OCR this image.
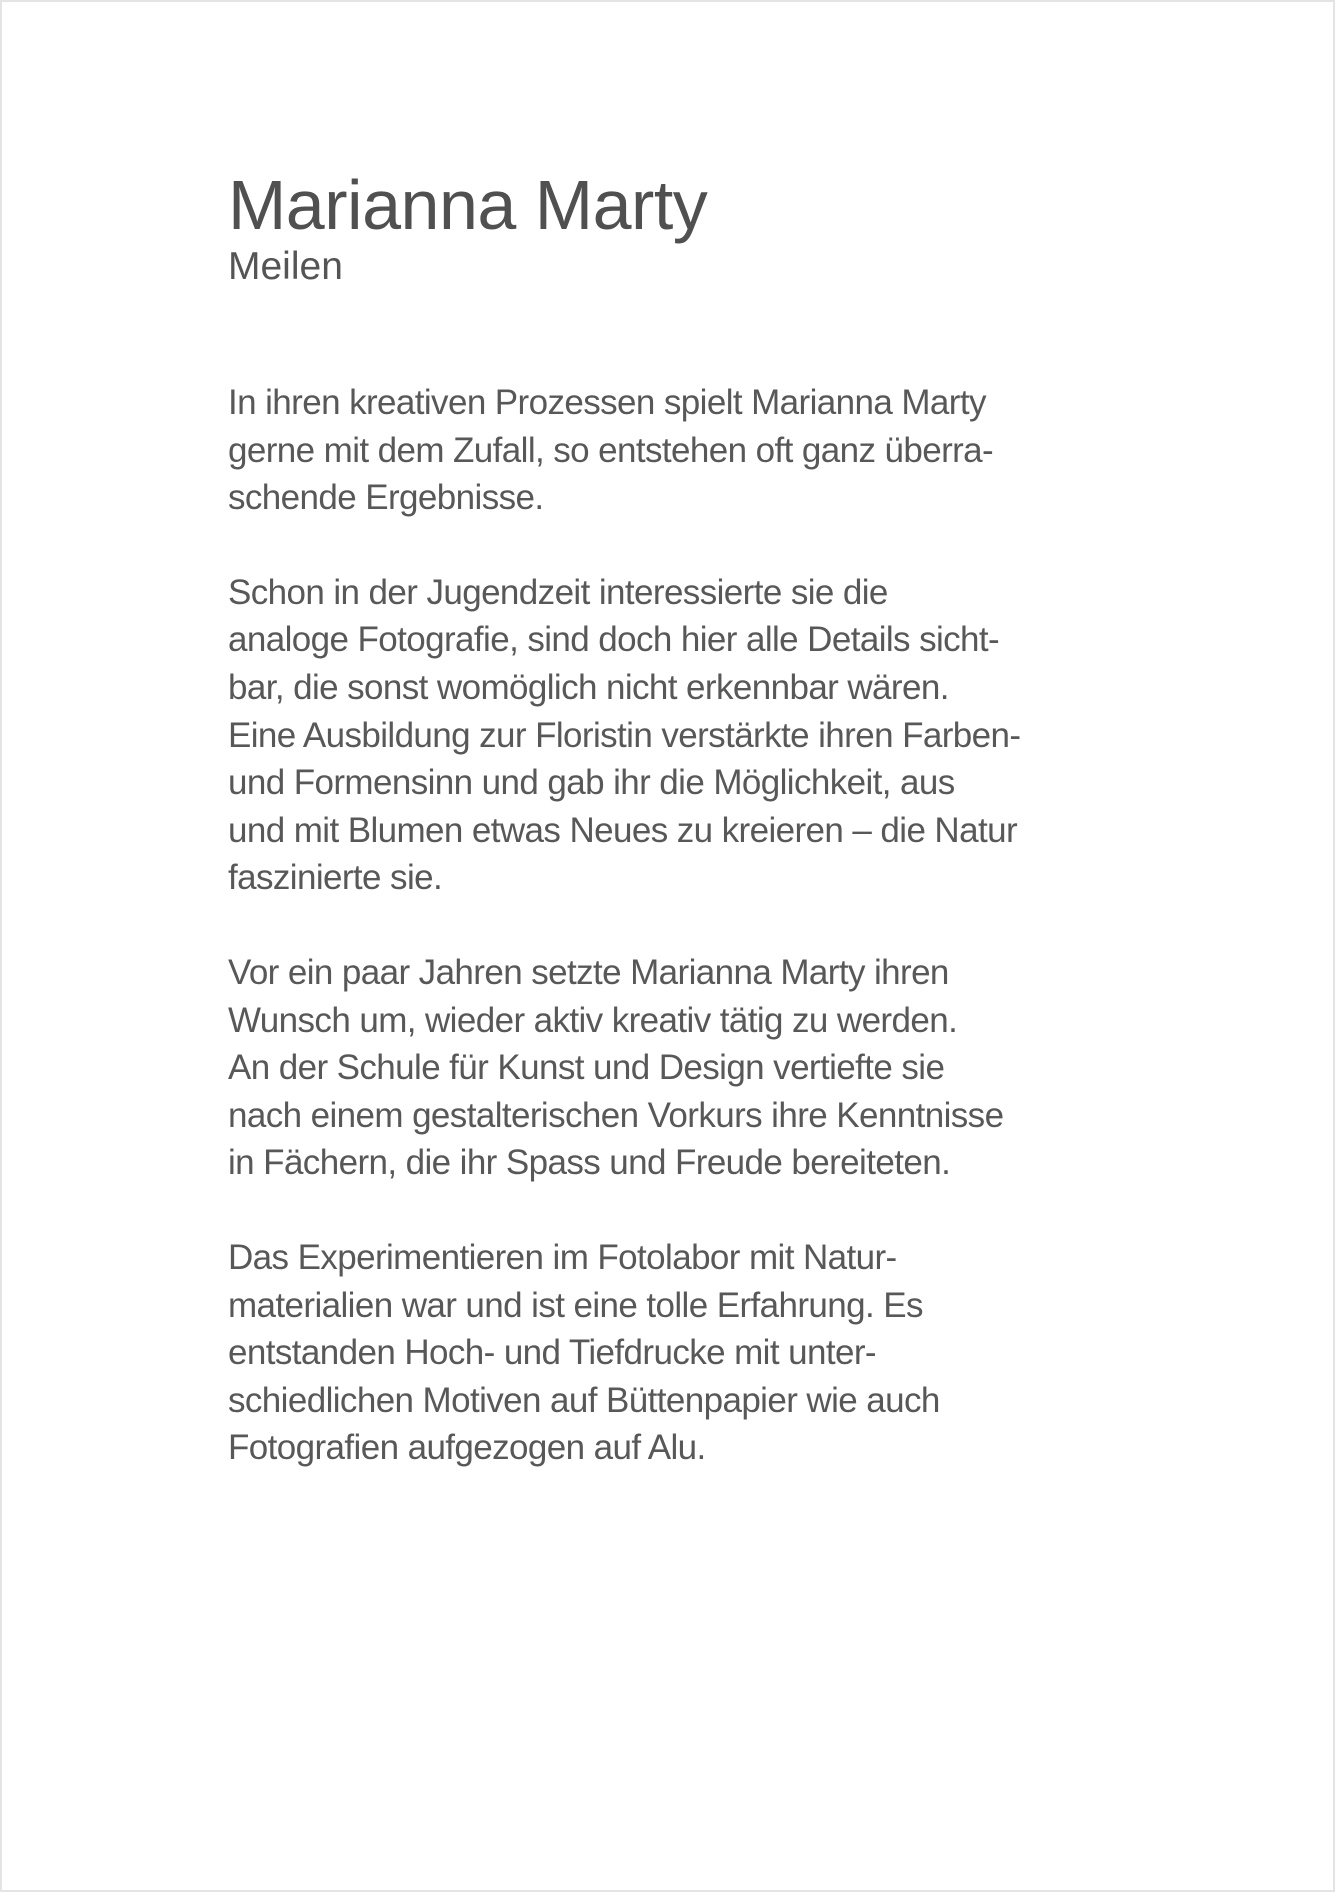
Marianna Marty
Meilen

In ihren kreativen Prozessen spielt Marianna Marty
gerne mit dem Zufall, so entstehen oft ganz überra-
schende Ergebnisse.

Schon in der Jugendzeit interessierte sie die
analoge Fotografie, sind doch hier alle Details sicht-
bar, die sonst womöglich nicht erkennbar wären.
Eine Ausbildung zur Floristin verstärkte ihren Farben-
und Formensinn und gab ihr die Möglichkeit, aus
und mit Blumen etwas Neues zu kreieren – die Natur
faszinierte sie.

Vor ein paar Jahren setzte Marianna Marty ihren
Wunsch um, wieder aktiv kreativ tätig zu werden.
An der Schule für Kunst und Design vertiefte sie
nach einem gestalterischen Vorkurs ihre Kenntnisse
in Fächern, die ihr Spass und Freude bereiteten.

Das Experimentieren im Fotolabor mit Natur-
materialien war und ist eine tolle Erfahrung. Es
entstanden Hoch- und Tiefdrucke mit unter-
schiedlichen Motiven auf Büttenpapier wie auch
Fotografien aufgezogen auf Alu.
